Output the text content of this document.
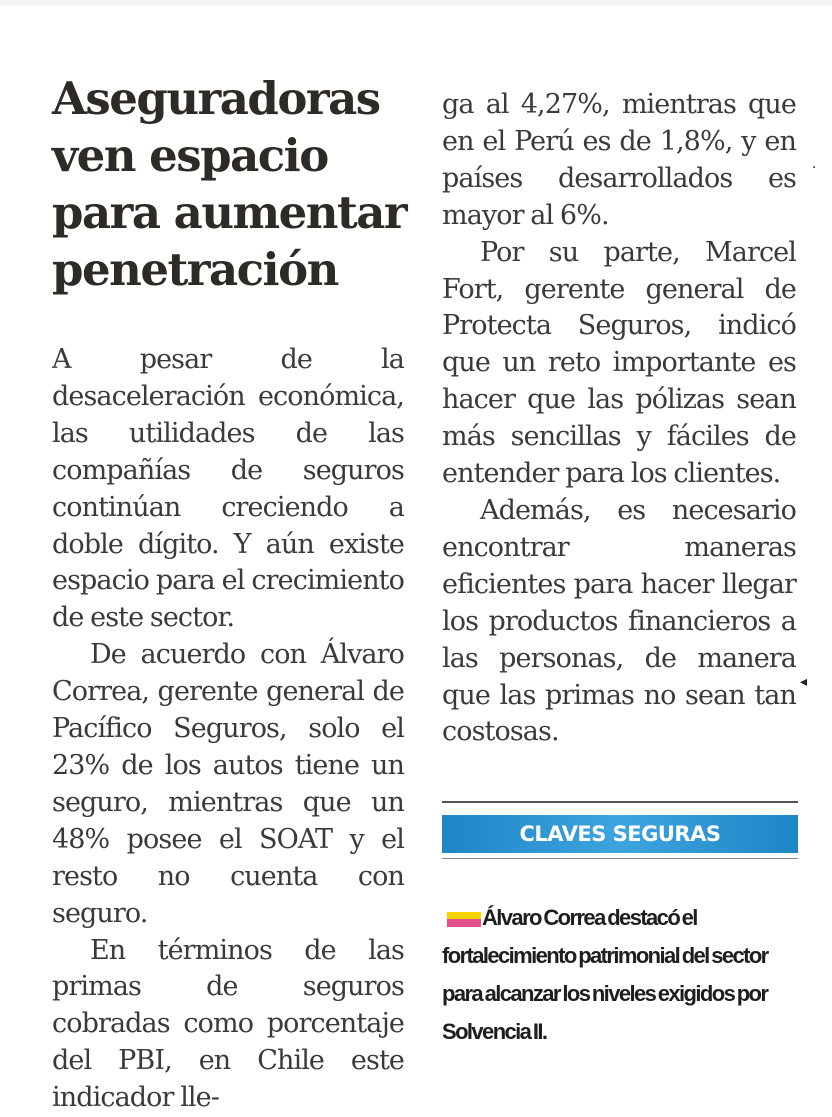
Aseguradoras ven espacio para aumentar penetración

A pesar de la desaceleración económica, las utilidades de las compañías de seguros continúan creciendo a doble dígito. Y aún existe espacio para el crecimiento de este sector.

De acuerdo con Álvaro Correa, gerente general de Pacífico Seguros, solo el 23% de los autos tiene un seguro, mientras que un 48% posee el SOAT y el resto no cuenta con seguro.

En términos de las primas de seguros cobradas como porcentaje del PBI, en Chile este indicador lle-

ga al 4,27%, mientras que en el Perú es de 1,8%, y en países desarrollados es mayor al 6%.

Por su parte, Marcel Fort, gerente general de Protecta Seguros, indicó que un reto importante es hacer que las pólizas sean más sencillas y fáciles de entender para los clientes.

Además, es necesario encontrar maneras eficientes para hacer llegar los productos financieros a las personas, de manera que las primas no sean tan costosas.

CLAVES SEGURAS

Álvaro Correa destacó el fortalecimiento patrimonial del sector para alcanzar los niveles exigidos por Solvencia II.

·
◂
